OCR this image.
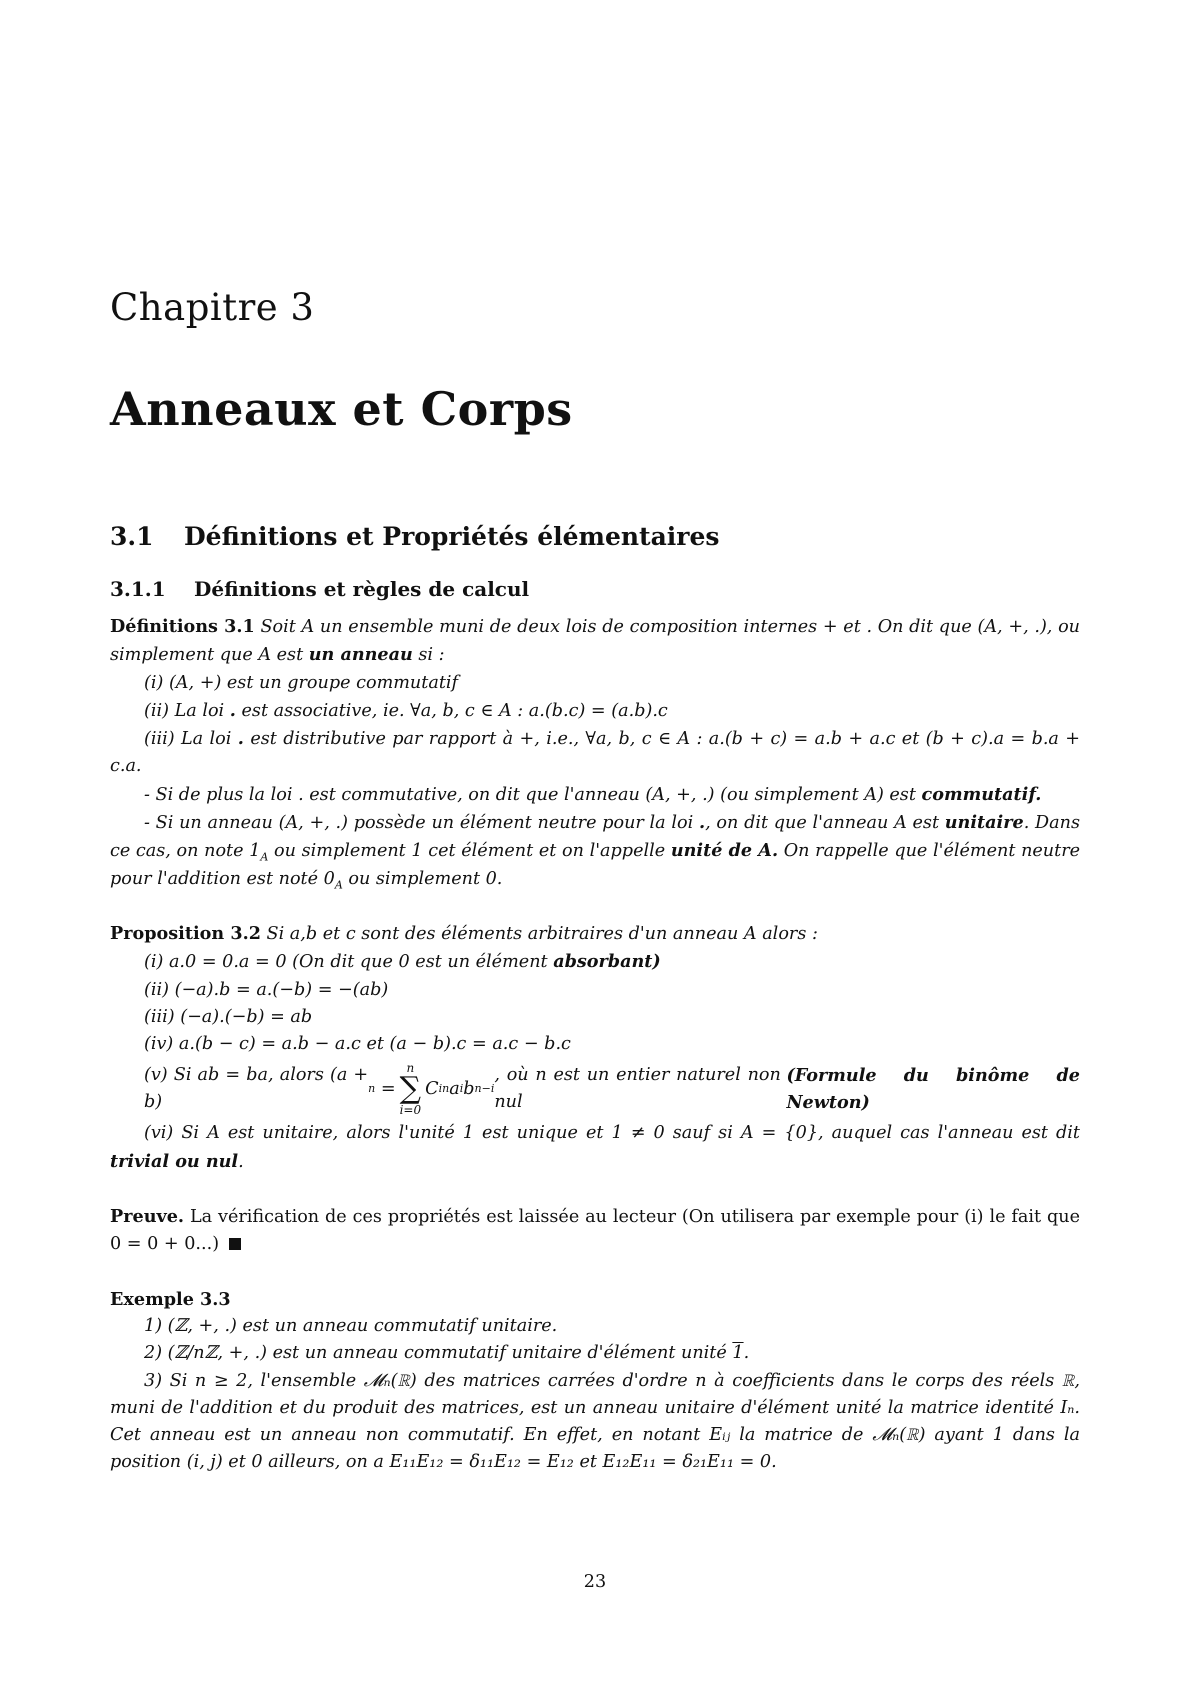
Chapitre 3
Anneaux et Corps
3.1 Définitions et Propriétés élémentaires
3.1.1 Définitions et règles de calcul

Définitions 3.1 Soit A un ensemble muni de deux lois de composition internes + et . On dit que (A, +, .), ou simplement que A est un anneau si :

(i) (A, +) est un groupe commutatif

(ii) La loi . est associative, ie. ∀a, b, c ∈ A : a.(b.c) = (a.b).c

(iii) La loi . est distributive par rapport à +, i.e., ∀a, b, c ∈ A : a.(b + c) = a.b + a.c et (b + c).a = b.a + c.a.

- Si de plus la loi . est commutative, on dit que l'anneau (A, +, .) (ou simplement A) est commutatif.

- Si un anneau (A, +, .) possède un élément neutre pour la loi ., on dit que l'anneau A est unitaire. Dans ce cas, on note $1_A$ ou simplement 1 cet élément et on l'appelle unité de A. On rappelle que l'élément neutre pour l'addition est noté $0_A$ ou simplement 0.

Proposition 3.2 Si a,b et c sont des éléments arbitraires d'un anneau A alors :

(i) a.0 = 0.a = 0 (On dit que 0 est un élément absorbant)

(ii) (−a).b = a.(−b) = −(ab)

(iii) (−a).(−b) = ab

(iv) a.(b − c) = a.b − a.c et (a − b).c = a.c − b.c

(v) Si ab = ba, alors (a + b)
n
=
n
∑
i=0
C i n a i b n−i
, où n est un entier naturel non nul

(Formule du binôme de Newton)

(vi) Si A est unitaire, alors l'unité 1 est unique et 1 ≠ 0 sauf si A = {0}, auquel cas l'anneau est dit trivial ou nul.

Preuve. La vérification de ces propriétés est laissée au lecteur (On utilisera par exemple pour (i) le fait que 0 = 0 + 0...)

Exemple 3.3

1) (ℤ, +, .) est un anneau commutatif unitaire.

2) (ℤ/nℤ, +, .) est un anneau commutatif unitaire d'élément unité 1.

3) Si n ≥ 2, l'ensemble 𝓜ₙ(ℝ) des matrices carrées d'ordre n à coefficients dans le corps des réels ℝ, muni de l'addition et du produit des matrices, est un anneau unitaire d'élément unité la matrice identité Iₙ. Cet anneau est un anneau non commutatif. En effet, en notant Eᵢⱼ la matrice de 𝓜ₙ(ℝ) ayant 1 dans la position (i, j) et 0 ailleurs, on a E₁₁E₁₂ = δ₁₁E₁₂ = E₁₂ et E₁₂E₁₁ = δ₂₁E₁₁ = 0.

23
